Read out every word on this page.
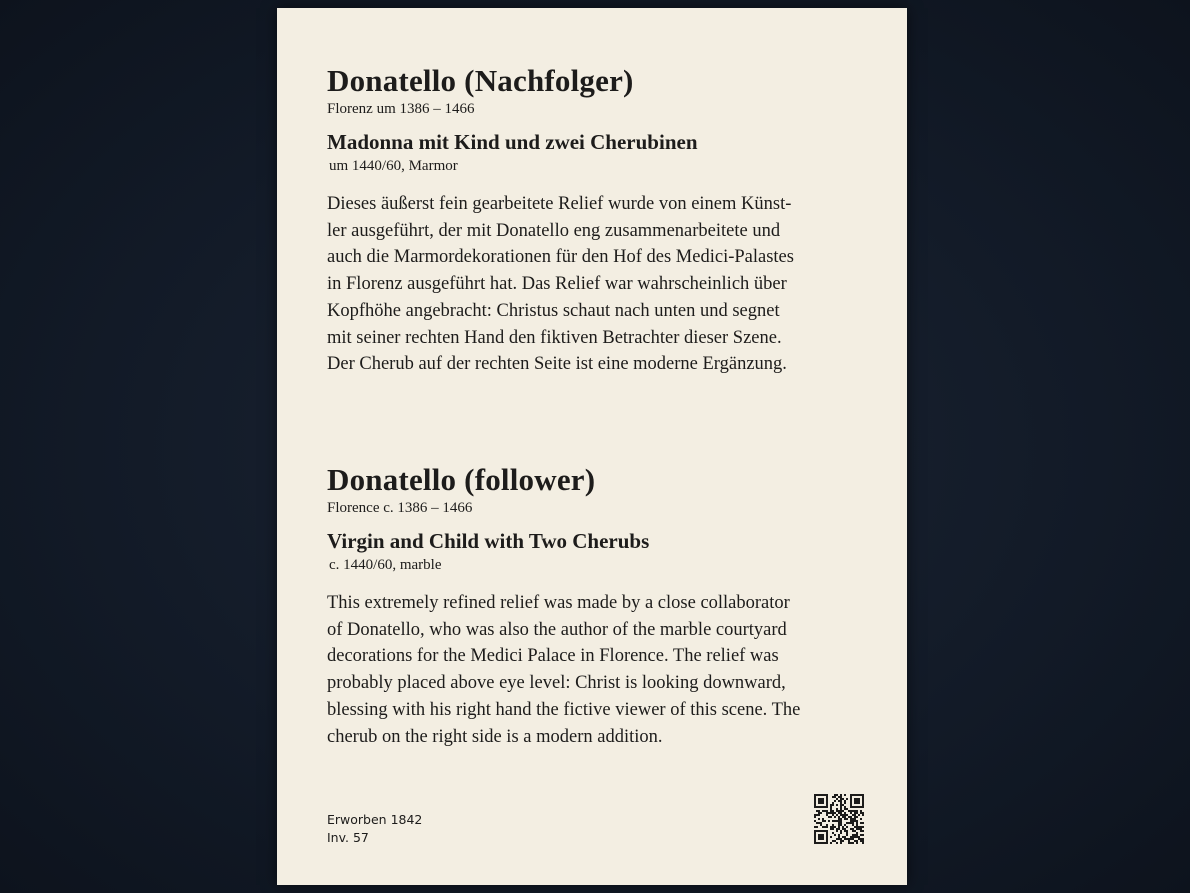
Donatello (Nachfolger)

Florenz um 1386 – 1466

Madonna mit Kind und zwei Cherubinen

um 1440/60, Marmor

Dieses äußerst fein gearbeitete Relief wurde von einem Künst-
ler ausgeführt, der mit Donatello eng zusammenarbeitete und
auch die Marmordekorationen für den Hof des Medici-Palastes
in Florenz ausgeführt hat. Das Relief war wahrscheinlich über
Kopfhöhe angebracht: Christus schaut nach unten und segnet
mit seiner rechten Hand den fiktiven Betrachter dieser Szene.
Der Cherub auf der rechten Seite ist eine moderne Ergänzung.

Donatello (follower)

Florence c. 1386 – 1466

Virgin and Child with Two Cherubs

c. 1440/60, marble

This extremely refined relief was made by a close collaborator
of Donatello, who was also the author of the marble courtyard
decorations for the Medici Palace in Florence. The relief was
probably placed above eye level: Christ is looking downward,
blessing with his right hand the fictive viewer of this scene. The
cherub on the right side is a modern addition.

Erworben 1842
Inv. 57
